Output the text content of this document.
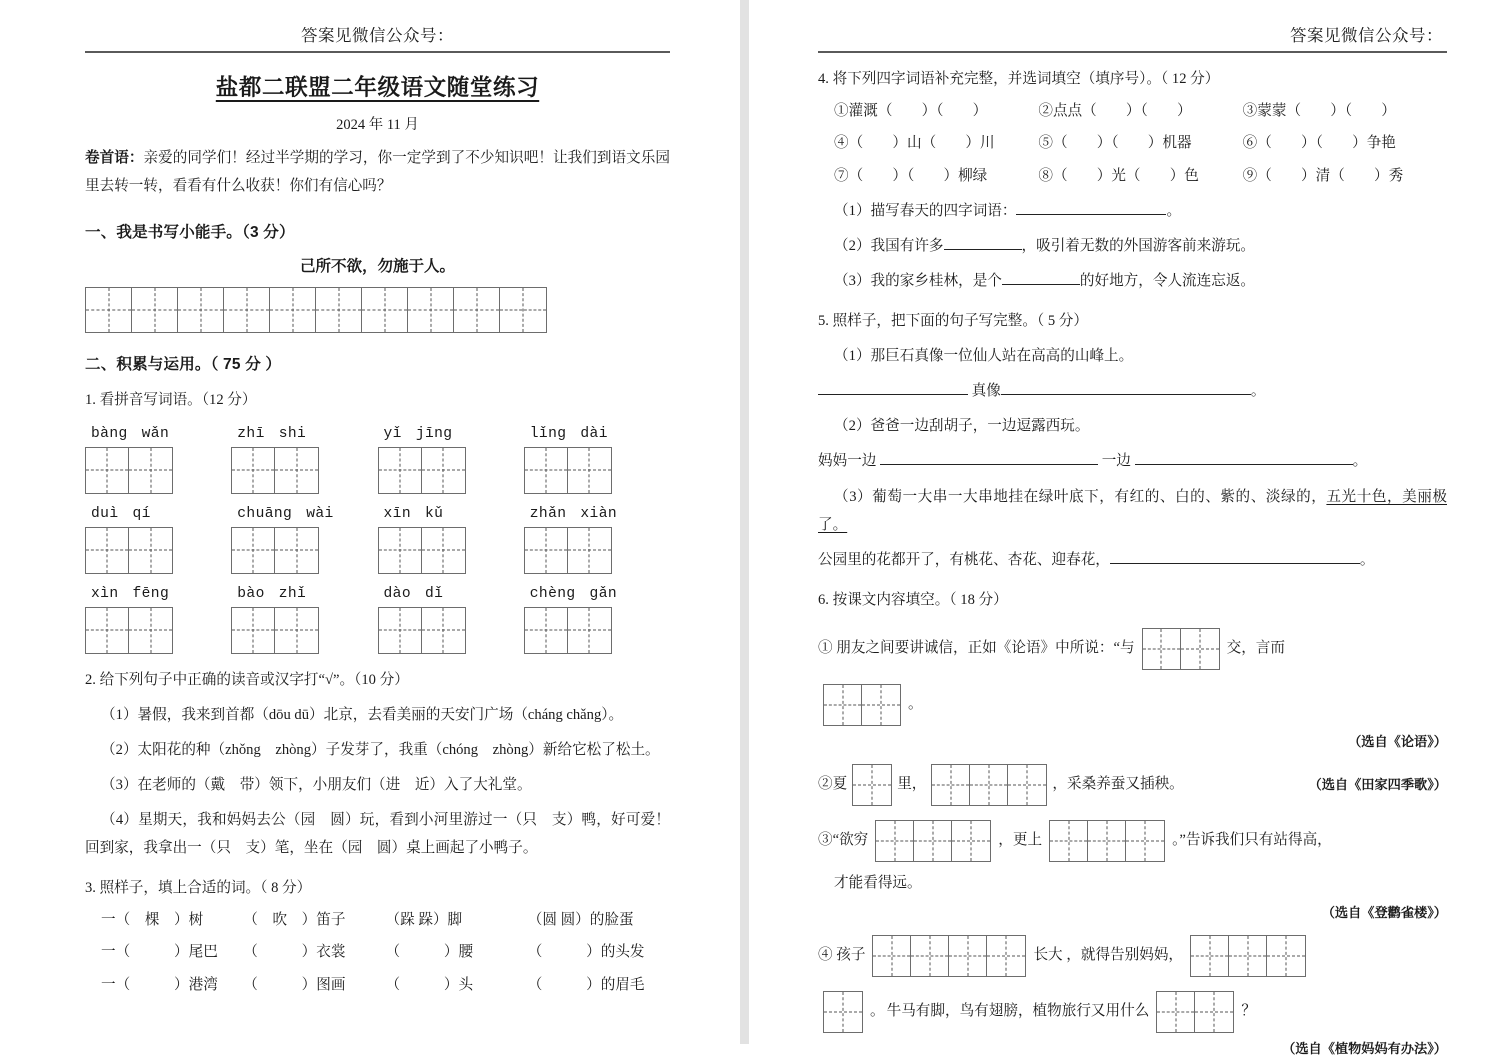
答案见微信公众号：
盐都二联盟二年级语文随堂练习
2024 年 11 月
卷首语：亲爱的同学们！经过半学期的学习，你一定学到了不少知识吧！让我们到语文乐园里去转一转，看看有什么收获！你们有信心吗？
一、我是书写小能手。（3 分）
己所不欲，勿施于人。
二、积累与运用。（ 75 分 ）
1. 看拼音写词语。（12 分）
bàng wǎn	zhī shi	yǐ jīng	lǐng dài
duì qí	chuāng wài	xīn kǔ	zhǎn xiàn
xìn fēng	bào zhǐ	dào dǐ	chèng gǎn
2. 给下列句子中正确的读音或汉字打“√”。（10 分）
（1）暑假，我来到首都（dōu dū）北京，去看美丽的天安门广场（cháng chǎng）。
（2）太阳花的种（zhǒng　zhòng）子发芽了，我重（chóng　zhòng）新给它松了松土。
（3）在老师的（戴　带）领下，小朋友们（进　近）入了大礼堂。
（4）星期天，我和妈妈去公（园　圆）玩，看到小河里游过一（只　支）鸭，好可爱！回到家，我拿出一（只　支）笔，坐在（园　圆）桌上画起了小鸭子。
3. 照样子，填上合适的词。（ 8 分）
一（　棵　）树	（　吹　）笛子	（跺 跺）脚	（圆 圆）的脸蛋
一（　　　）尾巴	（　　　）衣裳	（　　　）腰	（　　　）的头发
一（　　　）港湾	（　　　）图画	（　　　）头	（　　　）的眉毛
答案见微信公众号：
4. 将下列四字词语补充完整，并选词填空（填序号）。（ 12 分）
①灌溉（　　）（　　）	②点点（　　）（　　）	③蒙蒙（　　）（　　）
④（　　）山（　　）川	⑤（　　）（　　）机器	⑥（　　）（　　）争艳
⑦（　　）（　　）柳绿	⑧（　　）光（　　）色	⑨（　　）清（　　）秀
（1）描写春天的四字词语：	。
（2）我国有许多	，吸引着无数的外国游客前来游玩。
（3）我的家乡桂林，是个	的好地方，令人流连忘返。
5. 照样子，把下面的句子写完整。（ 5 分）
（1）那巨石真像一位仙人站在高高的山峰上。
真像	。
（2）爸爸一边刮胡子，一边逗露西玩。
妈妈一边	一边	。
（3）葡萄一大串一大串地挂在绿叶底下，有红的、白的、紫的、淡绿的，五光十色，美丽极了。
公园里的花都开了，有桃花、杏花、迎春花，	。
6. 按课文内容填空。（ 18 分）
① 朋友之间要讲诚信，正如《论语》中所说：“与	交，言而
。
（选自《论语》）
②夏	里，	，采桑养蚕又插秧。	（选自《田家四季歌》）
③“欲穷	，更上	。”告诉我们只有站得高，
才能看得远。
（选自《登鹳雀楼》）
④ 孩子	长大 ，就得告别妈妈，
。 牛马有脚，鸟有翅膀，植物旅行又用什么	？
（选自《植物妈妈有办法》）
